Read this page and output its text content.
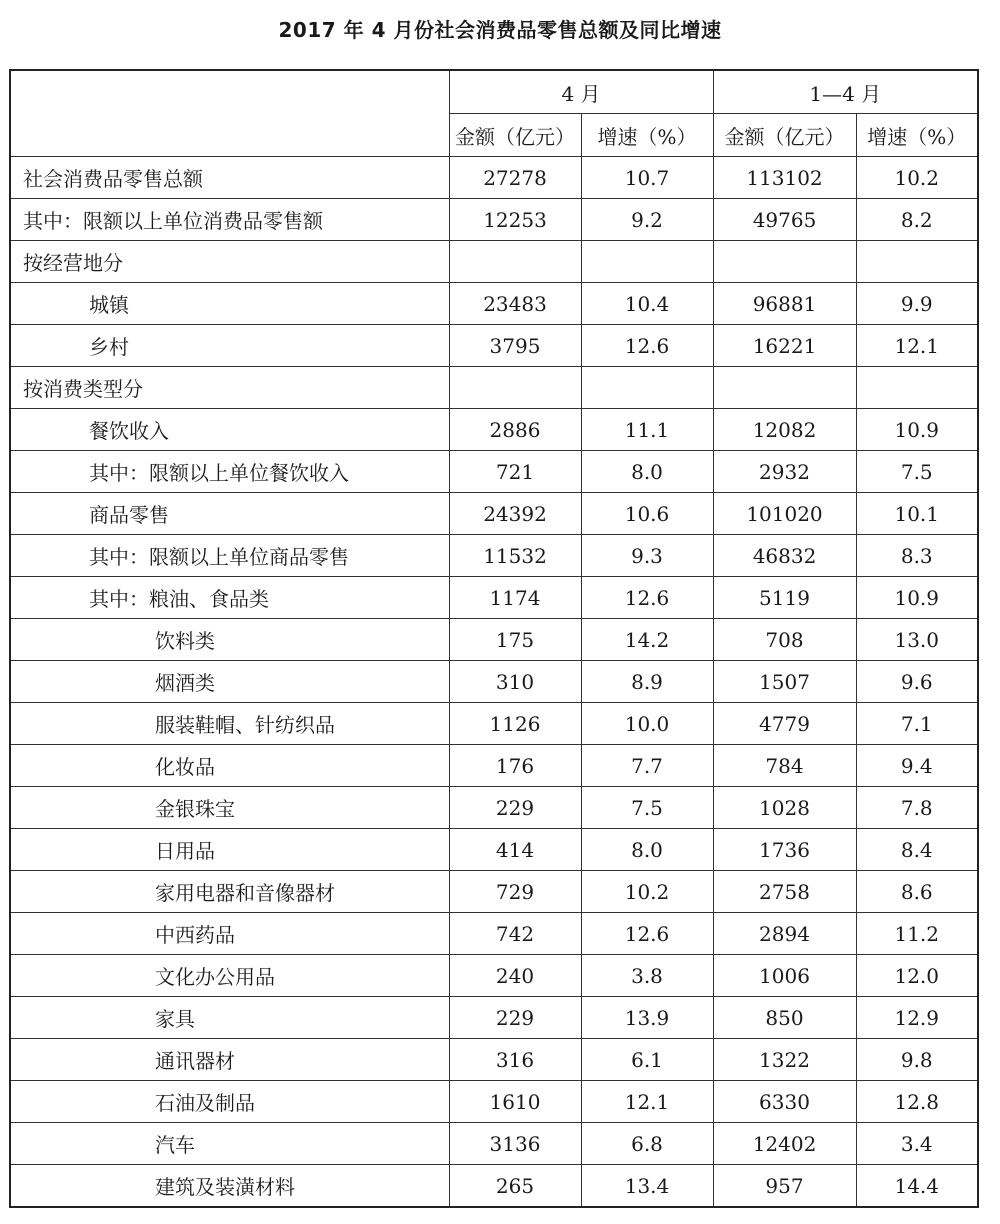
2017 年 4 月份社会消费品零售总额及同比增速
	4 月		1—4 月	
	金额（亿元）	增速（%）	金额（亿元）	增速（%）
社会消费品零售总额	27278	10.7	113102	10.2
其中：限额以上单位消费品零售额	12253	9.2	49765	8.2
按经营地分				
城镇	23483	10.4	96881	9.9
乡村	3795	12.6	16221	12.1
按消费类型分				
餐饮收入	2886	11.1	12082	10.9
其中：限额以上单位餐饮收入	721	8.0	2932	7.5
商品零售	24392	10.6	101020	10.1
其中：限额以上单位商品零售	11532	9.3	46832	8.3
其中：粮油、食品类	1174	12.6	5119	10.9
饮料类	175	14.2	708	13.0
烟酒类	310	8.9	1507	9.6
服装鞋帽、针纺织品	1126	10.0	4779	7.1
化妆品	176	7.7	784	9.4
金银珠宝	229	7.5	1028	7.8
日用品	414	8.0	1736	8.4
家用电器和音像器材	729	10.2	2758	8.6
中西药品	742	12.6	2894	11.2
文化办公用品	240	3.8	1006	12.0
家具	229	13.9	850	12.9
通讯器材	316	6.1	1322	9.8
石油及制品	1610	12.1	6330	12.8
汽车	3136	6.8	12402	3.4
建筑及装潢材料	265	13.4	957	14.4
